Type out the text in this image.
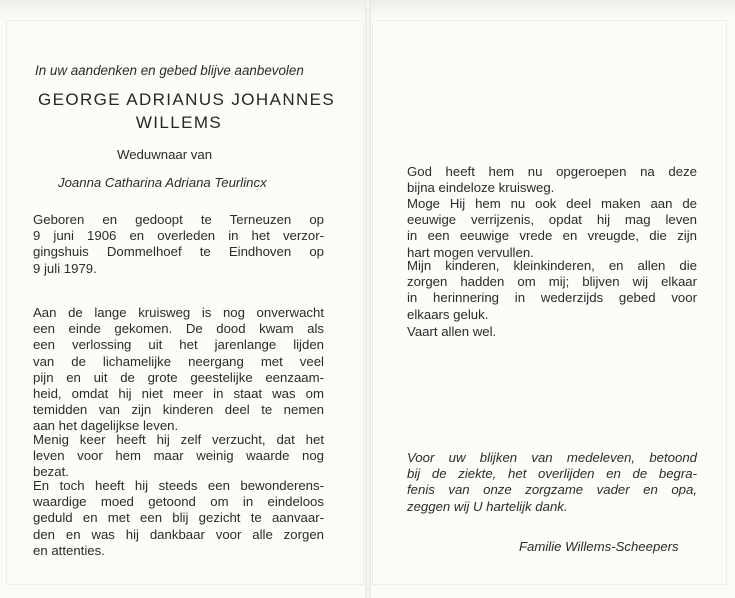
In uw aandenken en gebed blijve aanbevolen
GEORGE ADRIANUS JOHANNES
WILLEMS
Weduwnaar van
Joanna Catharina Adriana Teurlincx
Geboren en gedoopt te Terneuzen op
9 juni 1906 en overleden in het verzor-
gingshuis Dommelhoef te Eindhoven op
9 juli 1979.
Aan de lange kruisweg is nog onverwacht
een einde gekomen. De dood kwam als
een verlossing uit het jarenlange lijden
van de lichamelijke neergang met veel
pijn en uit de grote geestelijke eenzaam-
heid, omdat hij niet meer in staat was om
temidden van zijn kinderen deel te nemen
aan het dagelijkse leven.
Menig keer heeft hij zelf verzucht, dat het
leven voor hem maar weinig waarde nog
bezat.
En toch heeft hij steeds een bewonderens-
waardige moed getoond om in eindeloos
geduld en met een blij gezicht te aanvaar-
den en was hij dankbaar voor alle zorgen
en attenties.
God heeft hem nu opgeroepen na deze
bijna eindeloze kruisweg.
Moge Hij hem nu ook deel maken aan de
eeuwige verrijzenis, opdat hij mag leven
in een eeuwige vrede en vreugde, die zijn
hart mogen vervullen.
Mijn kinderen, kleinkinderen, en allen die
zorgen hadden om mij; blijven wij elkaar
in herinnering in wederzijds gebed voor
elkaars geluk.
Vaart allen wel.
Voor uw blijken van medeleven, betoond
bij de ziekte, het overlijden en de begra-
fenis van onze zorgzame vader en opa,
zeggen wij U hartelijk dank.
Familie Willems-Scheepers
